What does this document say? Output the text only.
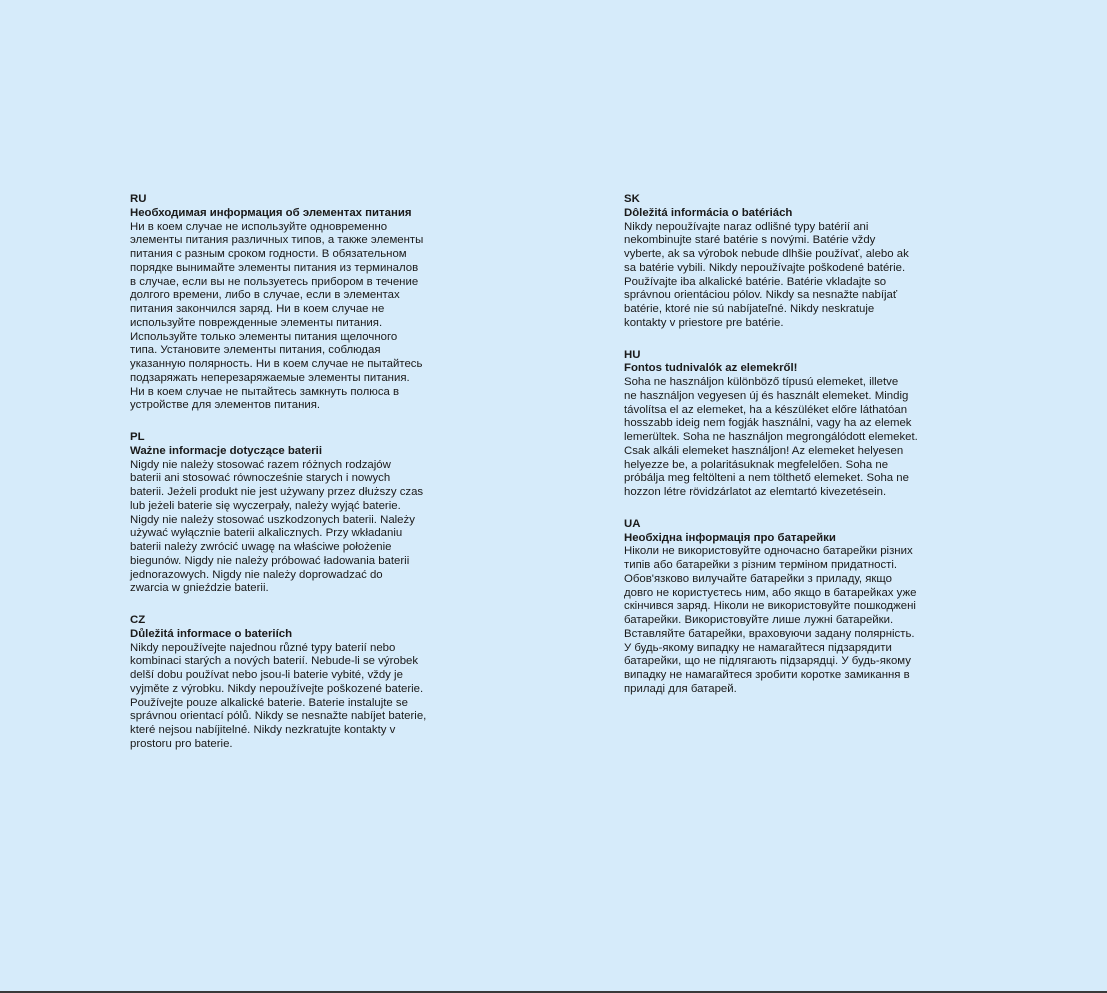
RU

Необходимая информация об элементах питания

Ни в коем случае не используйте одновременно
элементы питания различных типов, а также элементы
питания с разным сроком годности. В обязательном
порядке вынимайте элементы питания из терминалов
в случае, если вы не пользуетесь прибором в течение
долгого времени, либо в случае, если в элементах
питания закончился заряд. Ни в коем случае не
используйте поврежденные элементы питания.
Используйте только элементы питания щелочного
типа. Установите элементы питания, соблюдая
указанную полярность. Ни в коем случае не пытайтесь
подзаряжать неперезаряжаемые элементы питания.
Ни в коем случае не пытайтесь замкнуть полюса в
устройстве для элементов питания.

PL

Ważne informacje dotyczące baterii

Nigdy nie należy stosować razem różnych rodzajów
baterii ani stosować równocześnie starych i nowych
baterii. Jeżeli produkt nie jest używany przez dłuższy czas
lub jeżeli baterie się wyczerpały, należy wyjąć baterie.
Nigdy nie należy stosować uszkodzonych baterii. Należy
używać wyłącznie baterii alkalicznych. Przy wkładaniu
baterii należy zwrócić uwagę na właściwe położenie
biegunów. Nigdy nie należy próbować ładowania baterii
jednorazowych. Nigdy nie należy doprowadzać do
zwarcia w gnieździe baterii.

CZ

Důležitá informace o bateriích

Nikdy nepoužívejte najednou různé typy baterií nebo
kombinaci starých a nových baterií. Nebude-li se výrobek
delší dobu používat nebo jsou-li baterie vybité, vždy je
vyjměte z výrobku. Nikdy nepoužívejte poškozené baterie.
Používejte pouze alkalické baterie. Baterie instalujte se
správnou orientací pólů. Nikdy se nesnažte nabíjet baterie,
které nejsou nabíjitelné. Nikdy nezkratujte kontakty v
prostoru pro baterie.

SK

Dôležitá informácia o batériách

Nikdy nepoužívajte naraz odlišné typy batérií ani
nekombinujte staré batérie s novými. Batérie vždy
vyberte, ak sa výrobok nebude dlhšie používať, alebo ak
sa batérie vybili. Nikdy nepoužívajte poškodené batérie.
Používajte iba alkalické batérie. Batérie vkladajte so
správnou orientáciou pólov. Nikdy sa nesnažte nabíjať
batérie, ktoré nie sú nabíjateľné. Nikdy neskratuje
kontakty v priestore pre batérie.

HU

Fontos tudnivalók az elemekről!

Soha ne használjon különböző típusú elemeket, illetve
ne használjon vegyesen új és használt elemeket. Mindig
távolítsa el az elemeket, ha a készüléket előre láthatóan
hosszabb ideig nem fogják használni, vagy ha az elemek
lemerültek. Soha ne használjon megrongálódott elemeket.
Csak alkáli elemeket használjon! Az elemeket helyesen
helyezze be, a polaritásuknak megfelelően. Soha ne
próbálja meg feltölteni a nem tölthető elemeket. Soha ne
hozzon létre rövidzárlatot az elemtartó kivezetésein.

UA

Необхідна інформація про батарейки

Ніколи не використовуйте одночасно батарейки різних
типів або батарейки з різним терміном придатності.
Обов'язково вилучайте батарейки з приладу, якщо
довго не користуєтесь ним, або якщо в батарейках уже
скінчився заряд. Ніколи не використовуйте пошкоджені
батарейки. Використовуйте лише лужні батарейки.
Вставляйте батарейки, враховуючи задану полярність.
У будь-якому випадку не намагайтеся підзарядити
батарейки, що не підлягають підзарядці. У будь-якому
випадку не намагайтеся зробити коротке замикання в
приладі для батарей.
